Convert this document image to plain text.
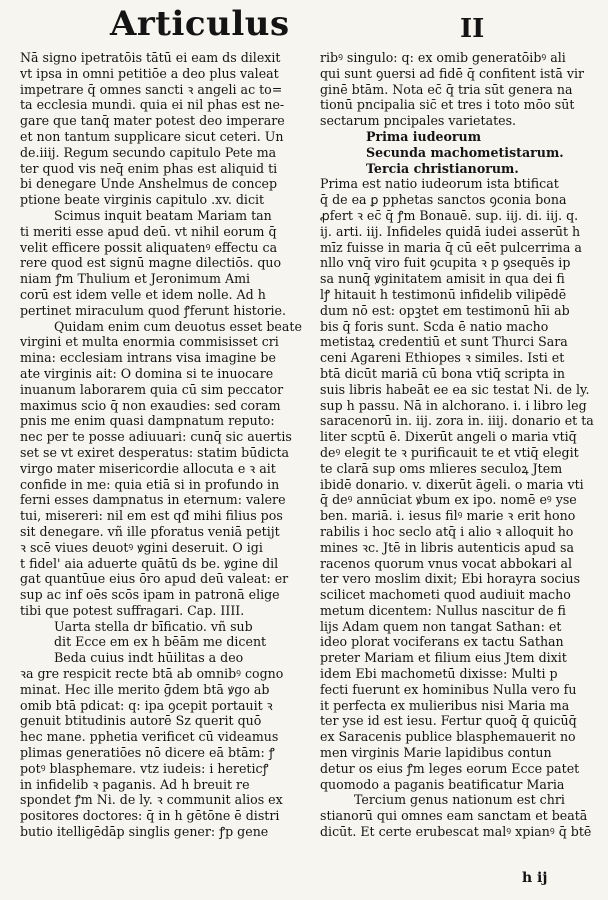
Articulus	II
Nā signo ipetratōis tātū ei eam ds dilexit
vt ipsa in omni petitiōe a deo plus valeat
impetrare q̄ omnes sancti ꝛ angeli ac to=
ta ecclesia mundi. quia ei nil phas est ne-
gare que tanq̄ mater potest deo imperare
et non tantum supplicare sicut ceteri. Un
de.iiij. Regum secundo capitulo Pete ma
ter quod vis neq̄ enim phas est aliquid ti
bi denegare Unde Anshelmus de concep
ptione beate virginis capitulo .xv. dicit
Scimus inquit beatam Mariam tan
ti meriti esse apud deū. vt nihil eorum q̄
velit efficere possit aliquatenꝰ effectu ca
rere quod est signū magne dilectiōs. quo
niam ꝭm Thulium et Jeronimum Ami
corū est idem velle et idem nolle. Ad h
pertinet miraculum quod ꝭferunt historie.
Quidam enim cum deuotus esset beate
virgini et multa enormia commisisset cri
mina: ecclesiam intrans visa imagine be
ate virginis ait: O domina si te inuocare
inuanum laborarem quia cū sim peccator
maximus scio q̄ non exaudies: sed coram
pnis me enim quasi dampnatum reputo:
nec per te posse adiuuari: cunq̄ sic auertis
set se vt exiret desperatus: statim būdicta
virgo mater misericordie allocuta e ꝛ ait
confide in me: quia etiā si in profundo in
ferni esses dampnatus in eternum: valere
tui, misereri: nil em est qđ mihi filius pos
sit denegare. vñ ille pforatus veniā petijt
ꝛ scē viues deuotꝰ ꝟgini deseruit. O igi
t fidel' aia aduerte quātū ds be. ꝟgine dil
gat quantūue eius ōro apud deū valeat: er
sup ac inf oēs scōs ipam in patronā elige
tibi que potest suffragari. Cap. IIII.
Uarta stella dr bīficatio. vñ sub
dit Ecce em ex h bēām me dicent
Beda cuius indt hūilitas a deo
ꝛa gre respicit recte btā ab omnibꝰ cogno
minat. Hec ille merito ḡdem btā ꝟgo ab
omib btā pdicat: q: ipa ꝯcepit portauit ꝛ
genuit btitudinis autorē Sz querit quō
hec mane. pphetia verificet cū videamus
plimas generatiōes nō dicere eā btām: ꝭ
potꝰ blasphemare. vtz iudeis: i hereticꝭ
in infidelib ꝛ paganis. Ad h breuit re
spondet ꝭm Ni. de ly. ꝛ communit alios ex
positores doctores: q̄ in h gētōne ē distri
butio itelligēdāp singlis gener: ꝭp gene
ribꝰ singulo: q: ex omib generatōibꝰ ali
qui sunt ꝯuersi ad fidē q̄ confitent istā vir
ginē btām. Nota ec̄ q̄ tria sūt genera na
tionū pncipalia sic̄ et tres i toto mōo sūt
sectarum pncipales varietates.
Prima iudeorum
Secunda machometistarum.
Tercia christianorum.
Prima est natio iudeorum ista btificat
q̄ de ea ꝑ pphetas sanctos ꝯconia bona
ꝓfert ꝛ ec̄ q̄ ꝭm Bonauē. sup. iij. di. iij. q.
ij. arti. iij. Infideles quidā iudei asserūt h
mīz fuisse in maria q̄ cū eēt pulcerrima a
nllo vnq̄ viro fuit ꝯcupita ꝛ p ꝯsequēs ip
sa nunq̄ ꝟginitatem amisit in qua dei fi
lꝭ hitauit h testimonū infidelib vilipēdē
dum nō est: opꝫtet em testimonū hīi ab
bis q̄ foris sunt. Scda ē natio macho
metistaꝝ credentiū et sunt Thurci Sara
ceni Agareni Ethiopes ꝛ similes. Isti et
btā dicūt mariā cū bona vtiq̄ scripta in
suis libris habeāt ee ea sic testat Ni. de ly.
sup h passu. Nā in alchorano. i. i libro leg
saracenorū in. iij. zora in. iiij. donario et ta
liter scptū ē. Dixerūt angeli o maria vtiq̄
deꝰ elegit te ꝛ purificauit te et vtiq̄ elegit
te clarā sup oms mlieres seculoꝝ Jtem
ibidē donario. v. dixerūt āgeli. o maria vti
q̄ deꝰ annūciat ꝟbum ex ipo. nomē eꝰ yse
ben. mariā. i. iesus filꝰ marie ꝛ erit hono
rabilis i hoc seclo atq̄ i alio ꝛ alloquit ho
mines ꝛc. Jtē in libris autenticis apud sa
racenos quorum vnus vocat abbokari al
ter vero moslim dixit; Ebi horayra socius
scilicet machometi quod audiuit macho
metum dicentem: Nullus nascitur de fi
lijs Adam quem non tangat Sathan: et
ideo plorat vociferans ex tactu Sathan
preter Mariam et filium eius Jtem dixit
idem Ebi machometū dixisse: Multi p
fecti fuerunt ex hominibus Nulla vero fu
it perfecta ex mulieribus nisi Maria ma
ter yse id est iesu. Fertur quoq̄ q̄ quicūq̄
ex Saracenis publice blasphemauerit no
men virginis Marie lapidibus contun
detur os eius ꝭm leges eorum Ecce patet
quomodo a paganis beatificatur Maria
Tercium genus nationum est chri
stianorū qui omnes eam sanctam et beatā
dicūt. Et certe erubescat malꝰ xpianꝰ q̄ btē
h ij
